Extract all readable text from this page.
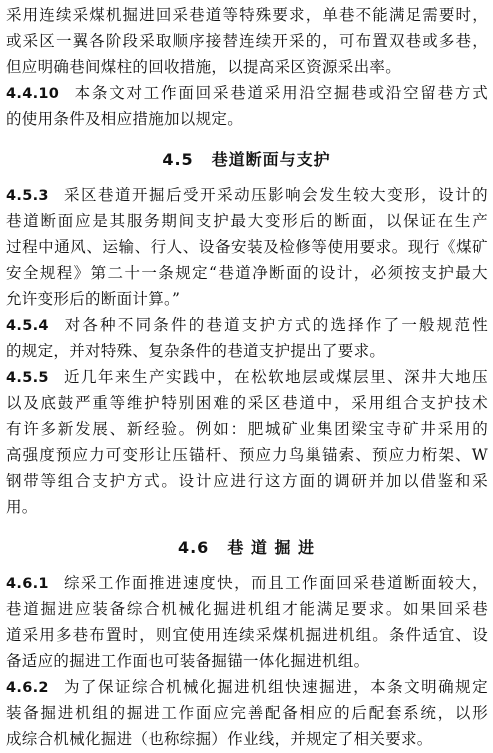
采用连续采煤机掘进回采巷道等特殊要求，单巷不能满足需要时，
或采区一翼各阶段采取顺序接替连续开采的，可布置双巷或多巷，
但应明确巷间煤柱的回收措施，以提高采区资源采出率。
4.4.10 本条文对工作面回采巷道采用沿空掘巷或沿空留巷方式
的使用条件及相应措施加以规定。
4.5 巷道断面与支护
4.5.3 采区巷道开掘后受开采动压影响会发生较大变形，设计的
巷道断面应是其服务期间支护最大变形后的断面，以保证在生产
过程中通风、运输、行人、设备安装及检修等使用要求。现行《煤矿
安全规程》第二十一条规定“巷道净断面的设计，必须按支护最大
允许变形后的断面计算。”
4.5.4 对各种不同条件的巷道支护方式的选择作了一般规范性
的规定，并对特殊、复杂条件的巷道支护提出了要求。
4.5.5 近几年来生产实践中，在松软地层或煤层里、深井大地压
以及底鼓严重等维护特别困难的采区巷道中，采用组合支护技术
有许多新发展、新经验。例如：肥城矿业集团梁宝寺矿井采用的
高强度预应力可变形让压锚杆、预应力鸟巢锚索、预应力桁架、W
钢带等组合支护方式。设计应进行这方面的调研并加以借鉴和采
用。
4.6 巷 道 掘 进
4.6.1 综采工作面推进速度快，而且工作面回采巷道断面较大，
巷道掘进应装备综合机械化掘进机组才能满足要求。如果回采巷
道采用多巷布置时，则宜使用连续采煤机掘进机组。条件适宜、设
备适应的掘进工作面也可装备掘锚一体化掘进机组。
4.6.2 为了保证综合机械化掘进机组快速掘进，本条文明确规定
装备掘进机组的掘进工作面应完善配备相应的后配套系统，以形
成综合机械化掘进（也称综掘）作业线，并规定了相关要求。
